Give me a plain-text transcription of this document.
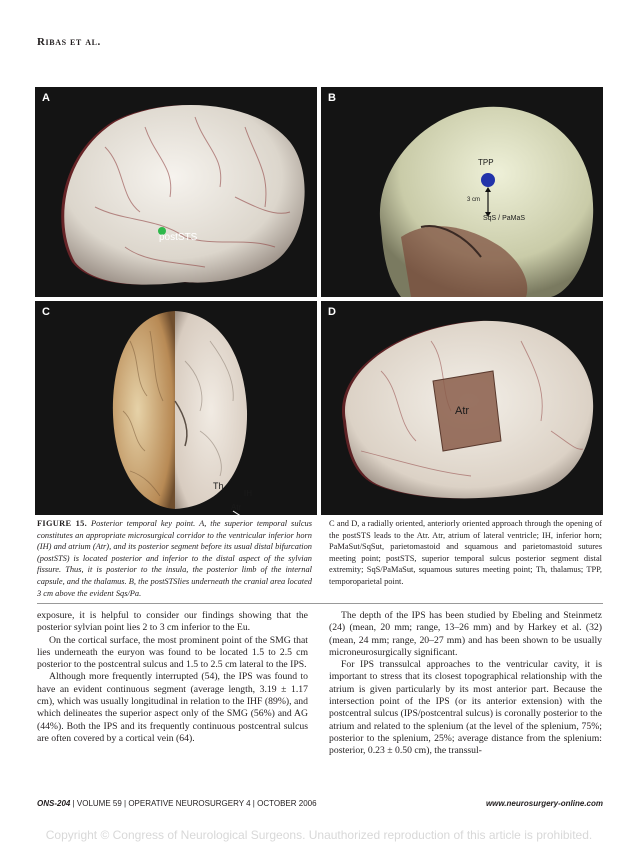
Ribas et al.
A
postSTS
B
TPP
3 cm
SqS / PaMaS
C
Th
IH
Atr
D
Atr
FIGURE 15. Posterior temporal key point. A, the superior temporal sulcus constitutes an appropriate microsurgical corridor to the ventricular inferior horn (IH) and atrium (Atr), and its posterior segment before its usual distal bifurcation (postSTS) is located posterior and inferior to the distal aspect of the sylvian fissure. Thus, it is posterior to the insula, the posterior limb of the internal capsule, and the thalamus. B, the postSTSlies underneath the cranial area located 3 cm above the evident Sqs/Pa.
C and D, a radially oriented, anteriorly oriented approach through the opening of the postSTS leads to the Atr. Atr, atrium of lateral ventricle; IH, inferior horn; PaMaSut/SqSut, parietomastoid and squamous and parietomastoid sutures meeting point; postSTS, superior temporal sulcus posterior segment distal extremity; SqS/PaMaSut, squamous sutures meeting point; Th, thalamus; TPP, temporoparietal point.

exposure, it is helpful to consider our findings showing that the posterior sylvian point lies 2 to 3 cm inferior to the Eu.

On the cortical surface, the most prominent point of the SMG that lies underneath the euryon was found to be located 1.5 to 2.5 cm posterior to the postcentral sulcus and 1.5 to 2.5 cm lateral to the IPS.

Although more frequently interrupted (54), the IPS was found to have an evident continuous segment (average length, 3.19 ± 1.17 cm), which was usually longitudinal in relation to the IHF (89%), and which delineates the superior aspect only of the SMG (56%) and AG (44%). Both the IPS and its frequently continuous postcentral sulcus are often covered by a cortical vein (64).

The depth of the IPS has been studied by Ebeling and Steinmetz (24) (mean, 20 mm; range, 13–26 mm) and by Harkey et al. (32) (mean, 24 mm; range, 20–27 mm) and has been shown to be usually microneurosurgically significant.

For IPS transsulcal approaches to the ventricular cavity, it is important to stress that its closest topographical relationship with the atrium is given particularly by its most anterior part. Because the intersection point of the IPS (or its anterior extension) with the postcentral sulcus (IPS/postcentral sulcus) is coronally posterior to the atrium and related to the splenium (at the level of the splenium, 75%; posterior to the splenium, 25%; average distance from the splenium: posterior, 0.23 ± 0.50 cm), the transsul-

ONS-204 | VOLUME 59 | OPERATIVE NEUROSURGERY 4 | OCTOBER 2006	www.neurosurgery-online.com
Copyright © Congress of Neurological Surgeons. Unauthorized reproduction of this article is prohibited.
